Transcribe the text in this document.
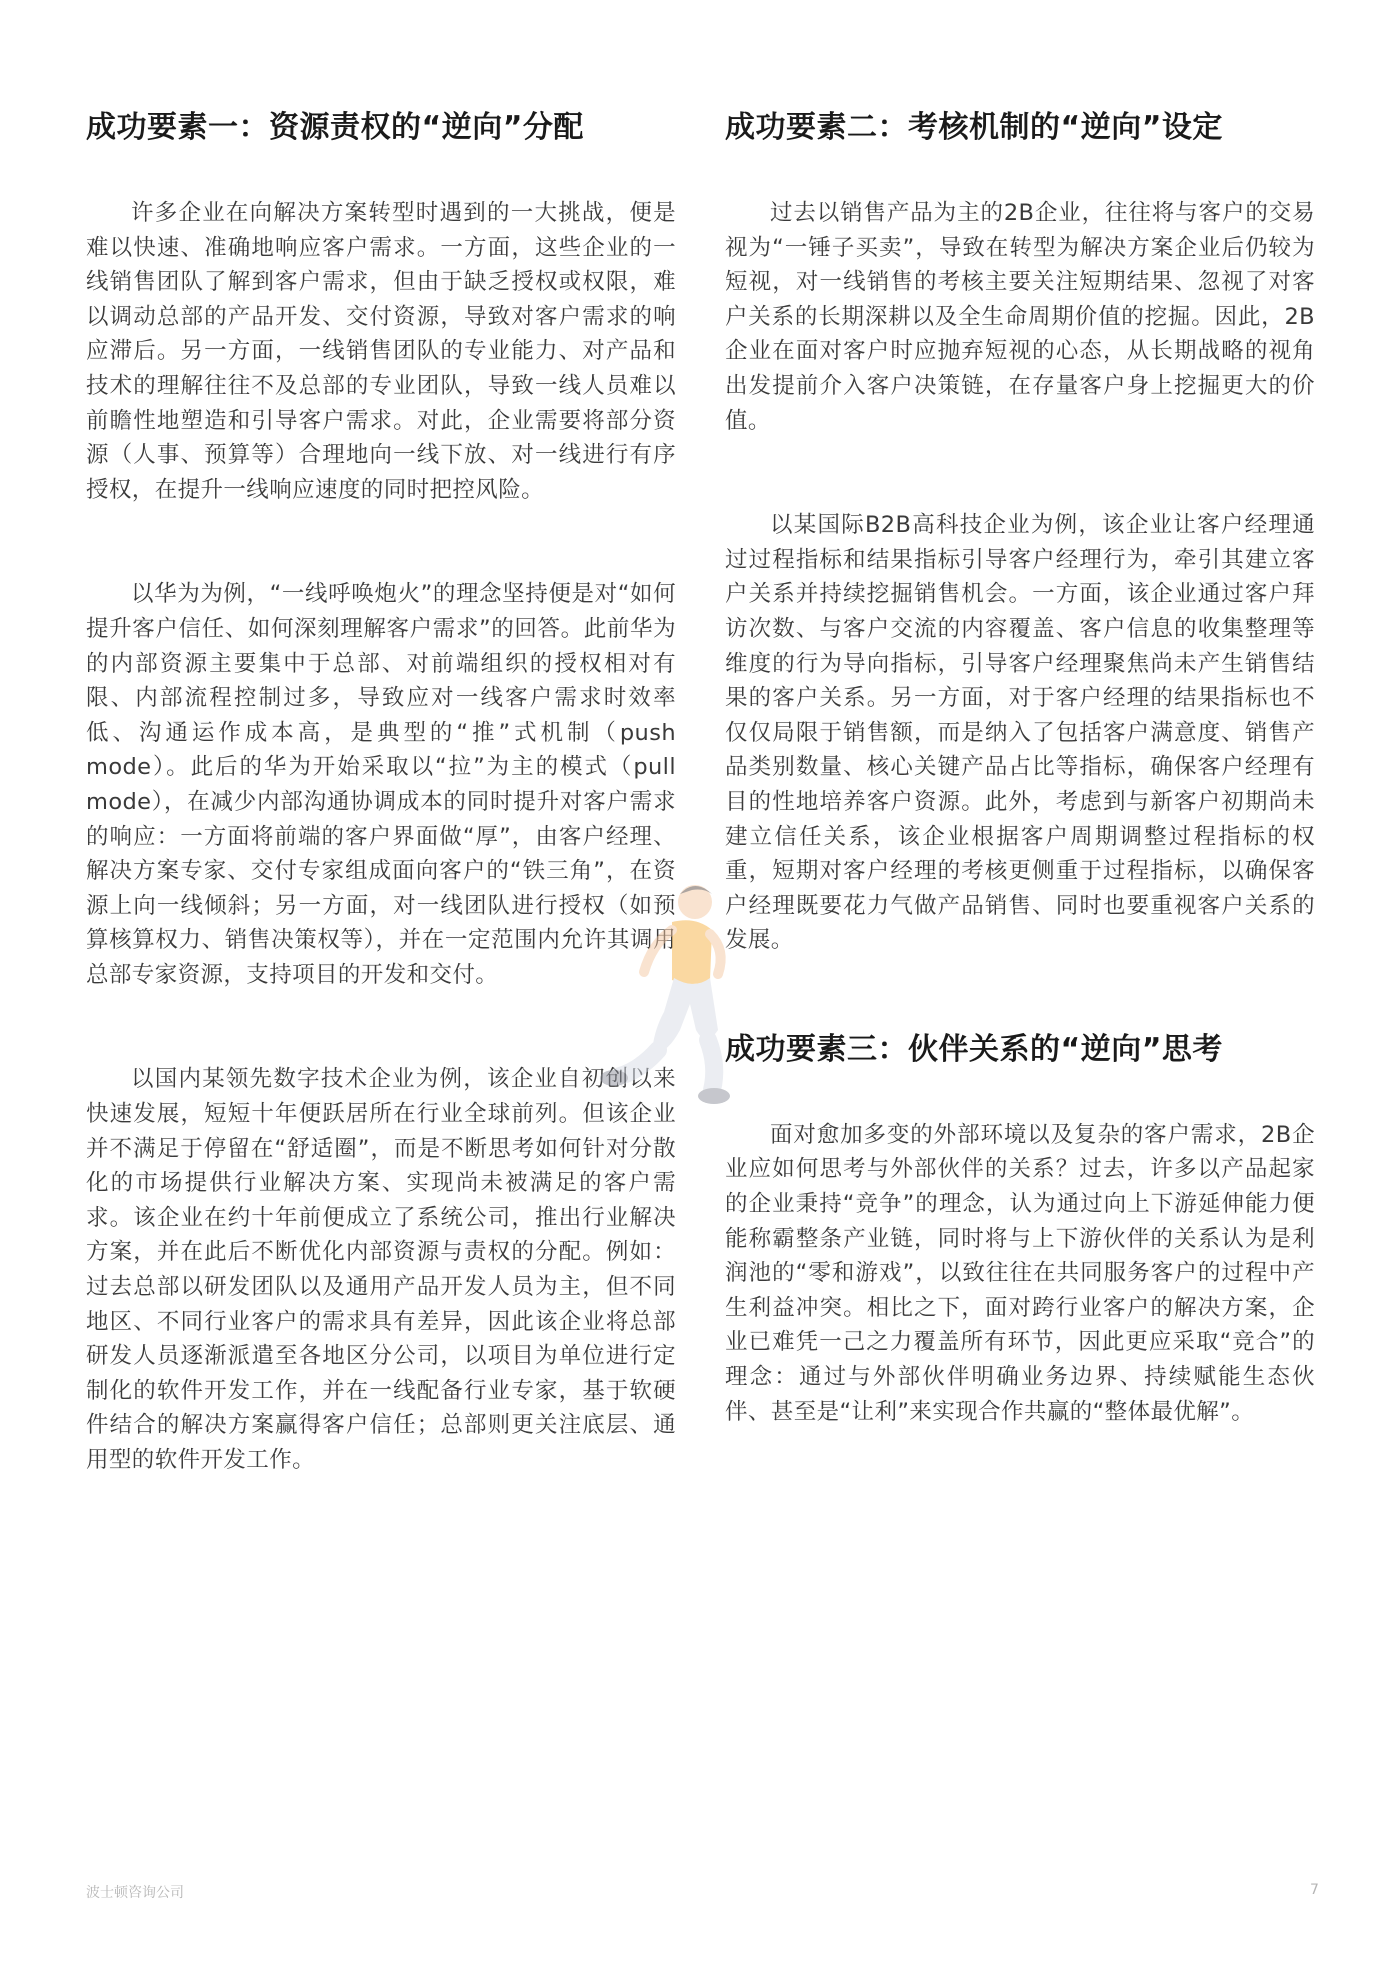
成功要素一：资源责权的“逆向”分配

许多企业在向解决方案转型时遇到的一大挑战，便是难以快速、准确地响应客户需求。一方面，这些企业的一线销售团队了解到客户需求，但由于缺乏授权或权限，难以调动总部的产品开发、交付资源，导致对客户需求的响应滞后。另一方面，一线销售团队的专业能力、对产品和技术的理解往往不及总部的专业团队，导致一线人员难以前瞻性地塑造和引导客户需求。对此，企业需要将部分资源（人事、预算等）合理地向一线下放、对一线进行有序授权，在提升一线响应速度的同时把控风险。

以华为为例，“一线呼唤炮火”的理念坚持便是对“如何提升客户信任、如何深刻理解客户需求”的回答。此前华为的内部资源主要集中于总部、对前端组织的授权相对有限、内部流程控制过多，导致应对一线客户需求时效率低、沟通运作成本高，是典型的“推”式机制（push mode）。此后的华为开始采取以“拉”为主的模式（pull mode），在减少内部沟通协调成本的同时提升对客户需求的响应：一方面将前端的客户界面做“厚”，由客户经理、解决方案专家、交付专家组成面向客户的“铁三角”，在资源上向一线倾斜；另一方面，对一线团队进行授权（如预算核算权力、销售决策权等），并在一定范围内允许其调用总部专家资源，支持项目的开发和交付。

以国内某领先数字技术企业为例，该企业自初创以来快速发展，短短十年便跃居所在行业全球前列。但该企业并不满足于停留在“舒适圈”，而是不断思考如何针对分散化的市场提供行业解决方案、实现尚未被满足的客户需求。该企业在约十年前便成立了系统公司，推出行业解决方案，并在此后不断优化内部资源与责权的分配。例如：过去总部以研发团队以及通用产品开发人员为主，但不同地区、不同行业客户的需求具有差异，因此该企业将总部研发人员逐渐派遣至各地区分公司，以项目为单位进行定制化的软件开发工作，并在一线配备行业专家，基于软硬件结合的解决方案赢得客户信任；总部则更关注底层、通用型的软件开发工作。

成功要素二：考核机制的“逆向”设定

过去以销售产品为主的2B企业，往往将与客户的交易视为“一锤子买卖”，导致在转型为解决方案企业后仍较为短视，对一线销售的考核主要关注短期结果、忽视了对客户关系的长期深耕以及全生命周期价值的挖掘。因此，2B企业在面对客户时应抛弃短视的心态，从长期战略的视角出发提前介入客户决策链，在存量客户身上挖掘更大的价值。

以某国际B2B高科技企业为例，该企业让客户经理通过过程指标和结果指标引导客户经理行为，牵引其建立客户关系并持续挖掘销售机会。一方面，该企业通过客户拜访次数、与客户交流的内容覆盖、客户信息的收集整理等维度的行为导向指标，引导客户经理聚焦尚未产生销售结果的客户关系。另一方面，对于客户经理的结果指标也不仅仅局限于销售额，而是纳入了包括客户满意度、销售产品类别数量、核心关键产品占比等指标，确保客户经理有目的性地培养客户资源。此外，考虑到与新客户初期尚未建立信任关系，该企业根据客户周期调整过程指标的权重，短期对客户经理的考核更侧重于过程指标，以确保客户经理既要花力气做产品销售、同时也要重视客户关系的发展。

成功要素三：伙伴关系的“逆向”思考

面对愈加多变的外部环境以及复杂的客户需求，2B企业应如何思考与外部伙伴的关系？过去，许多以产品起家的企业秉持“竞争”的理念，认为通过向上下游延伸能力便能称霸整条产业链，同时将与上下游伙伴的关系认为是利润池的“零和游戏”，以致往往在共同服务客户的过程中产生利益冲突。相比之下，面对跨行业客户的解决方案，企业已难凭一己之力覆盖所有环节，因此更应采取“竞合”的理念：通过与外部伙伴明确业务边界、持续赋能生态伙伴、甚至是“让利”来实现合作共赢的“整体最优解”。

波士顿咨询公司	7
